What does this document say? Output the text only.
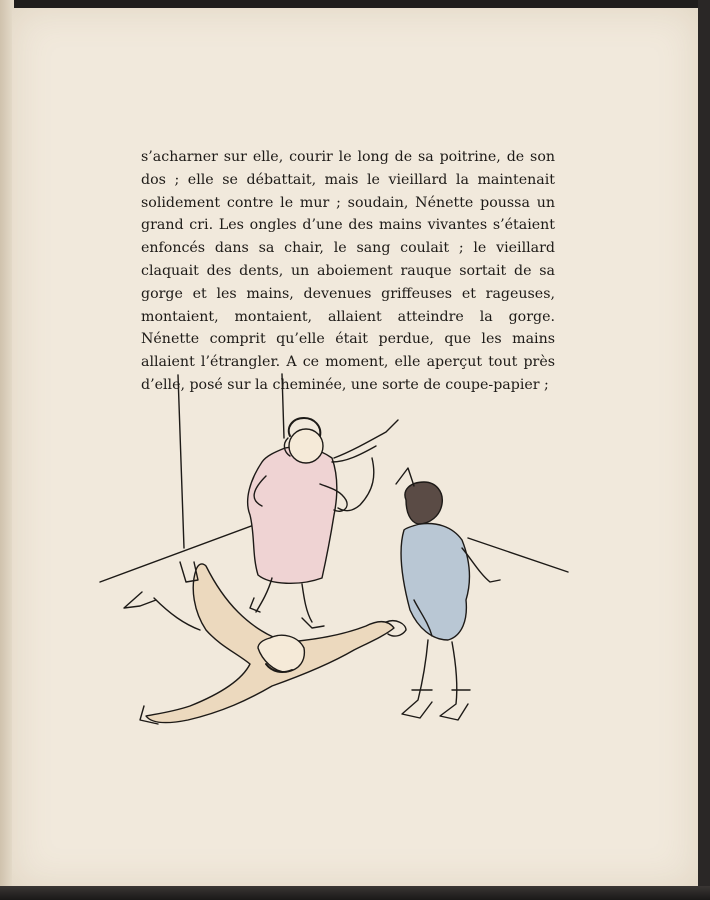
s’acharner sur elle, courir le long de sa poitrine, de son
dos ; elle se débattait, mais le vieillard la maintenait
solidement contre le mur ; soudain, Nénette poussa un
grand cri. Les ongles d’une des mains vivantes s’étaient
enfoncés dans sa chair, le sang coulait ; le vieillard
claquait des dents, un aboiement rauque sortait de sa
gorge et les mains, devenues griffeuses et rageuses,
montaient, montaient, allaient atteindre la gorge.
Nénette comprit qu’elle était perdue, que les mains
allaient l’étrangler. A ce moment, elle aperçut tout près
d’elle, posé sur la cheminée, une sorte de coupe-papier ;
